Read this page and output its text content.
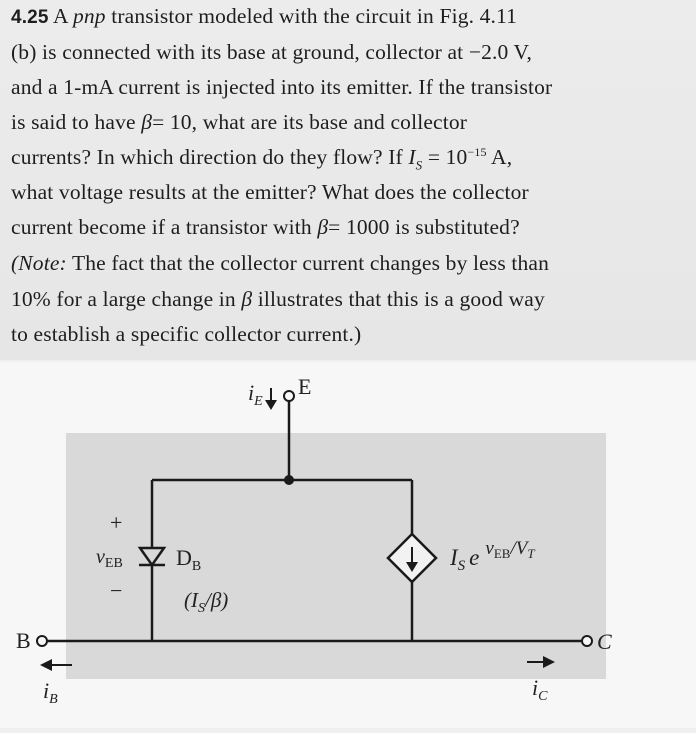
4.25 A pnp transistor modeled with the circuit in Fig. 4.11
(b) is connected with its base at ground, collector at −2.0 V,
and a 1-mA current is injected into its emitter. If the transistor
is said to have β= 10, what are its base and collector
currents? In which direction do they flow? If $I_S = 10^{-15}$ A,
what voltage results at the emitter? What does the collector
current become if a transistor with β= 1000 is substituted?
(Note: The fact that the collector current changes by less than
10% for a large change in β illustrates that this is a good way
to establish a specific collector current.)
$i_E$
E
+
$v_{EB}$
−
$D_B$
$(I_S/\beta)$
$I_S$ e $^v$EB/VT
B
$i_B$
C
$i_C$
